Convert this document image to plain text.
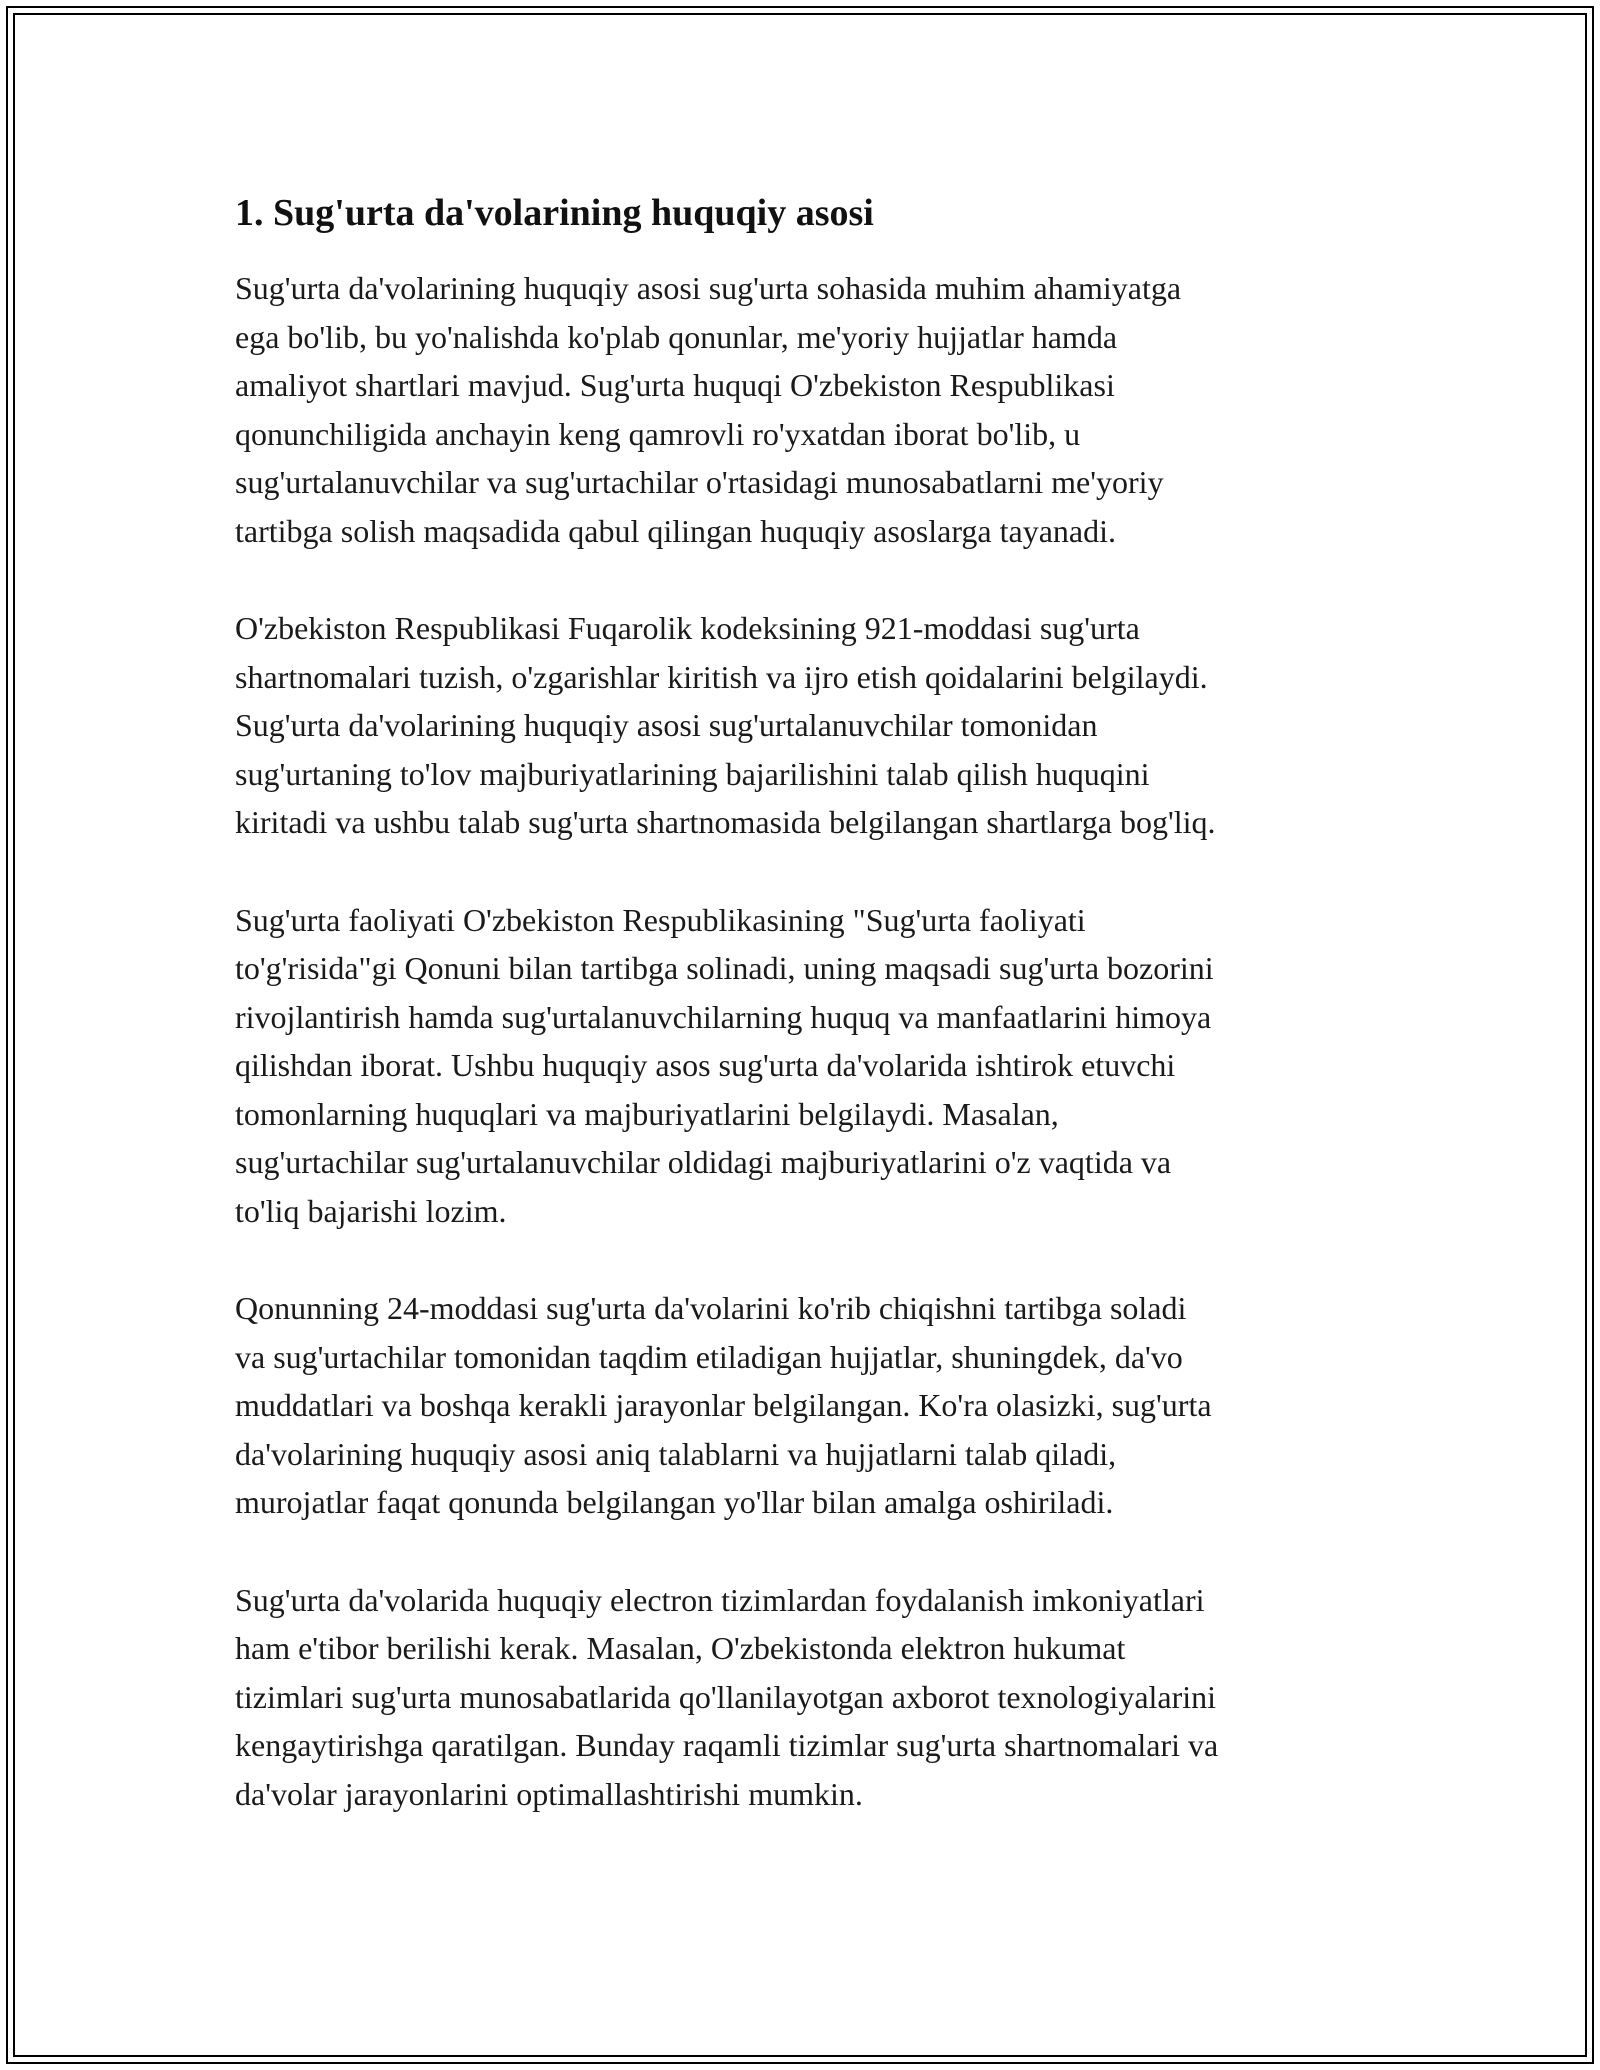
1. Sug'urta da'volarining huquqiy asosi

Sug'urta da'volarining huquqiy asosi sug'urta sohasida muhim ahamiyatga
ega bo'lib, bu yo'nalishda ko'plab qonunlar, me'yoriy hujjatlar hamda
amaliyot shartlari mavjud. Sug'urta huquqi O'zbekiston Respublikasi
qonunchiligida anchayin keng qamrovli ro'yxatdan iborat bo'lib, u
sug'urtalanuvchilar va sug'urtachilar o'rtasidagi munosabatlarni me'yoriy
tartibga solish maqsadida qabul qilingan huquqiy asoslarga tayanadi.

O'zbekiston Respublikasi Fuqarolik kodeksining 921-moddasi sug'urta
shartnomalari tuzish, o'zgarishlar kiritish va ijro etish qoidalarini belgilaydi.
Sug'urta da'volarining huquqiy asosi sug'urtalanuvchilar tomonidan
sug'urtaning to'lov majburiyatlarining bajarilishini talab qilish huquqini
kiritadi va ushbu talab sug'urta shartnomasida belgilangan shartlarga bog'liq.

Sug'urta faoliyati O'zbekiston Respublikasining "Sug'urta faoliyati
to'g'risida"gi Qonuni bilan tartibga solinadi, uning maqsadi sug'urta bozorini
rivojlantirish hamda sug'urtalanuvchilarning huquq va manfaatlarini himoya
qilishdan iborat. Ushbu huquqiy asos sug'urta da'volarida ishtirok etuvchi
tomonlarning huquqlari va majburiyatlarini belgilaydi. Masalan,
sug'urtachilar sug'urtalanuvchilar oldidagi majburiyatlarini o'z vaqtida va
to'liq bajarishi lozim.

Qonunning 24-moddasi sug'urta da'volarini ko'rib chiqishni tartibga soladi
va sug'urtachilar tomonidan taqdim etiladigan hujjatlar, shuningdek, da'vo
muddatlari va boshqa kerakli jarayonlar belgilangan. Ko'ra olasizki, sug'urta
da'volarining huquqiy asosi aniq talablarni va hujjatlarni talab qiladi,
murojatlar faqat qonunda belgilangan yo'llar bilan amalga oshiriladi.

Sug'urta da'volarida huquqiy electron tizimlardan foydalanish imkoniyatlari
ham e'tibor berilishi kerak. Masalan, O'zbekistonda elektron hukumat
tizimlari sug'urta munosabatlarida qo'llanilayotgan axborot texnologiyalarini
kengaytirishga qaratilgan. Bunday raqamli tizimlar sug'urta shartnomalari va
da'volar jarayonlarini optimallashtirishi mumkin.
